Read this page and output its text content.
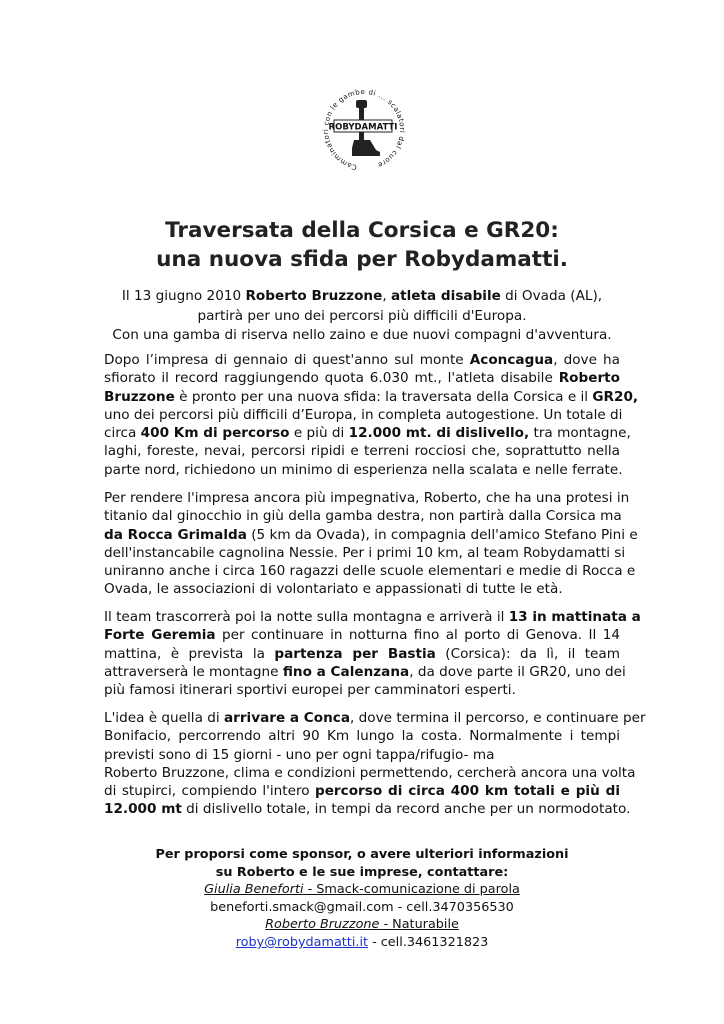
Camminatori con le gambe di ... scalatori dal cuore
ROBYDAMATTI
Traversata della Corsica e GR20:
una nuova sfida per Robydamatti.
Il 13 giugno 2010 Roberto Bruzzone, atleta disabile di Ovada (AL),
partirà per uno dei percorsi più difficili d'Europa.
Con una gamba di riserva nello zaino e due nuovi compagni d'avventura.
Dopo l’impresa di gennaio di quest'anno sul monte Aconcagua, dove ha
sfiorato il record raggiungendo quota 6.030 mt., l'atleta disabile Roberto
Bruzzone è pronto per una nuova sfida: la traversata della Corsica e il GR20,
uno dei percorsi più difficili d’Europa, in completa autogestione. Un totale di
circa 400 Km di percorso e più di 12.000 mt. di dislivello, tra montagne,
laghi, foreste, nevai, percorsi ripidi e terreni rocciosi che, soprattutto nella
parte nord, richiedono un minimo di esperienza nella scalata e nelle ferrate.
Per rendere l'impresa ancora più impegnativa, Roberto, che ha una protesi in
titanio dal ginocchio in giù della gamba destra, non partirà dalla Corsica ma
da Rocca Grimalda (5 km da Ovada), in compagnia dell'amico Stefano Pini e
dell'instancabile cagnolina Nessie. Per i primi 10 km, al team Robydamatti si
uniranno anche i circa 160 ragazzi delle scuole elementari e medie di Rocca e
Ovada, le associazioni di volontariato e appassionati di tutte le età.
Il team trascorrerà poi la notte sulla montagna e arriverà il 13 in mattinata a
Forte Geremia per continuare in notturna fino al porto di Genova. Il 14
mattina, è prevista la partenza per Bastia (Corsica): da lì, il team
attraverserà le montagne fino a Calenzana, da dove parte il GR20, uno dei
più famosi itinerari sportivi europei per camminatori esperti.
L'idea è quella di arrivare a Conca, dove termina il percorso, e continuare per
Bonifacio, percorrendo altri 90 Km lungo la costa. Normalmente i tempi
previsti sono di 15 giorni - uno per ogni tappa/rifugio- ma
Roberto Bruzzone, clima e condizioni permettendo, cercherà ancora una volta
di stupirci, compiendo l'intero percorso di circa 400 km totali e più di
12.000 mt di dislivello totale, in tempi da record anche per un normodotato.
Per proporsi come sponsor, o avere ulteriori informazioni
su Roberto e le sue imprese, contattare:
Giulia Beneforti - Smack-comunicazione di parola
beneforti.smack@gmail.com - cell.3470356530
Roberto Bruzzone - Naturabile
roby@robydamatti.it - cell.3461321823
